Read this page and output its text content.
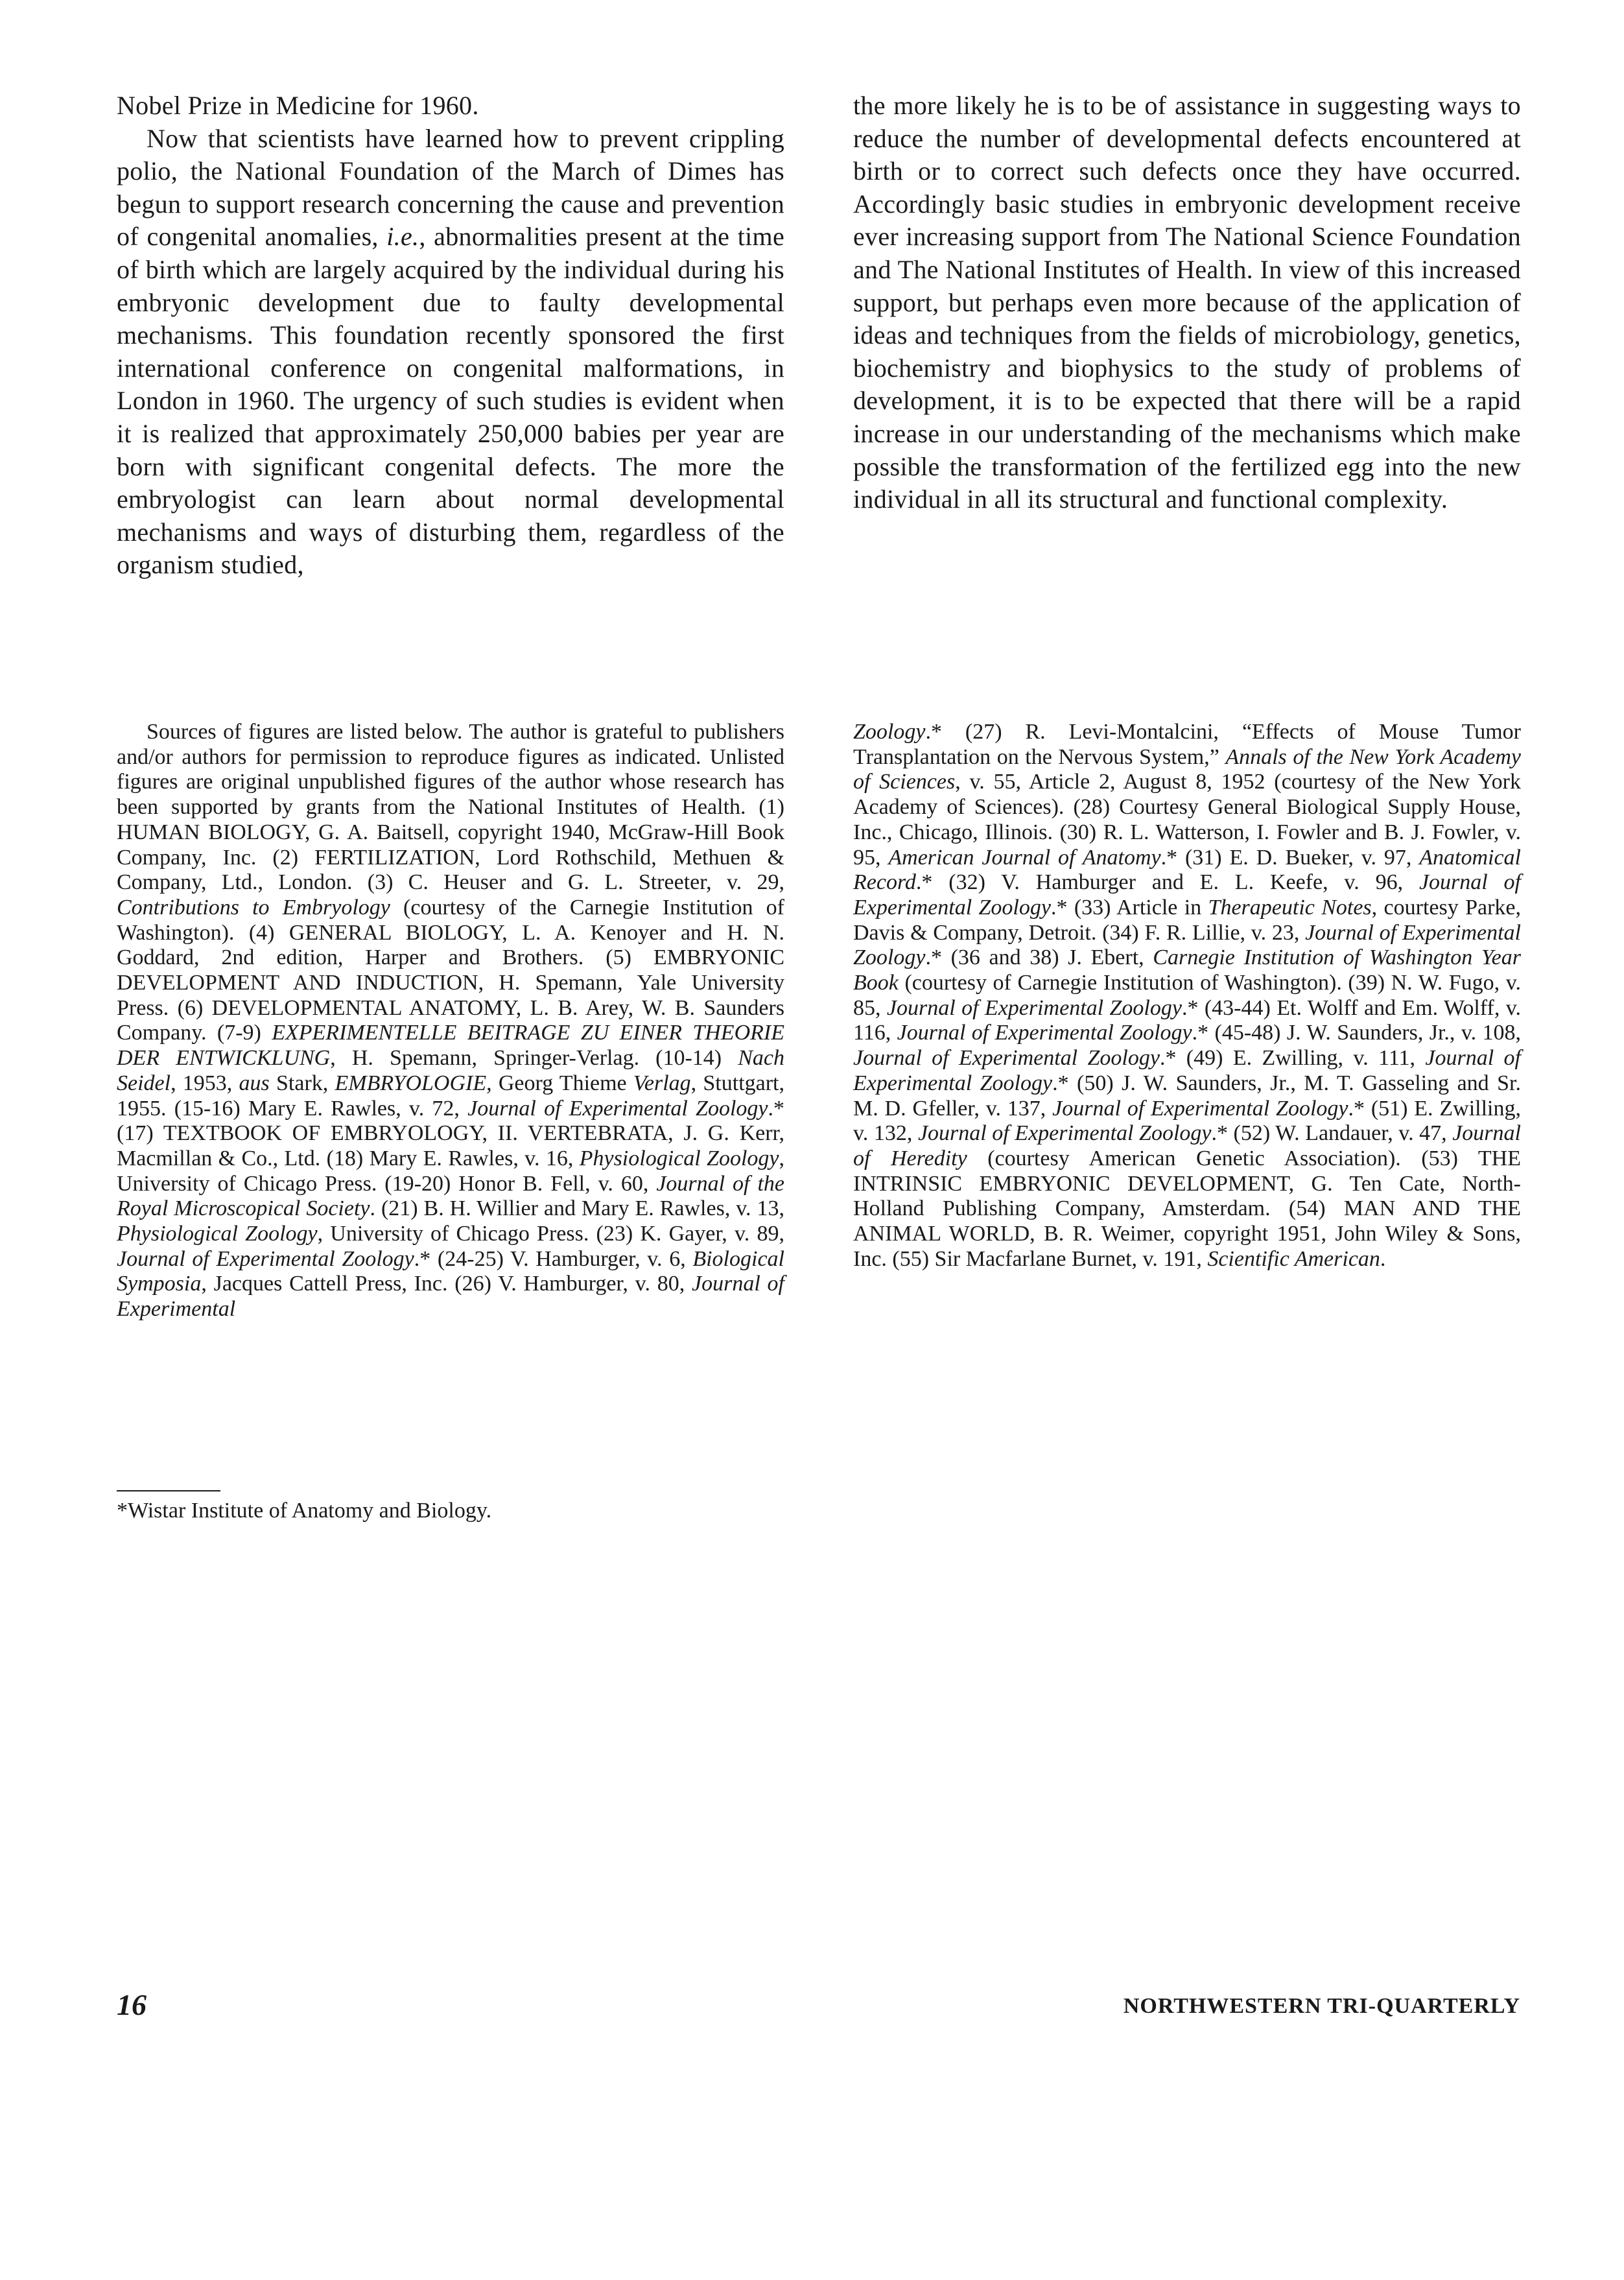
Nobel Prize in Medicine for 1960.

Now that scientists have learned how to prevent crippling polio, the National Foundation of the March of Dimes has begun to support research concerning the cause and prevention of congenital anomalies, i.e., abnormalities present at the time of birth which are largely acquired by the individual during his embryonic development due to faulty developmental mechanisms. This foundation recently sponsored the first international conference on congenital malformations, in London in 1960. The urgency of such studies is evident when it is realized that approximately 250,000 babies per year are born with significant congenital defects. The more the embryologist can learn about normal developmental mechanisms and ways of disturbing them, regardless of the organism studied,

the more likely he is to be of assistance in suggesting ways to reduce the number of developmental defects encountered at birth or to correct such defects once they have occurred. Accordingly basic studies in embryonic development receive ever increasing support from The National Science Foundation and The National Institutes of Health. In view of this increased support, but perhaps even more because of the application of ideas and techniques from the fields of microbiology, genetics, biochemistry and biophysics to the study of problems of development, it is to be expected that there will be a rapid increase in our understanding of the mechanisms which make possible the transformation of the fertilized egg into the new individual in all its structural and functional complexity.

Sources of figures are listed below. The author is grateful to publishers and/or authors for permission to reproduce figures as indicated. Unlisted figures are original unpublished figures of the author whose research has been supported by grants from the National Institutes of Health. (1) HUMAN BIOLOGY, G. A. Baitsell, copyright 1940, McGraw-Hill Book Company, Inc. (2) FERTILIZATION, Lord Rothschild, Methuen & Company, Ltd., London. (3) C. Heuser and G. L. Streeter, v. 29, Contributions to Embryology (courtesy of the Carnegie Institution of Washington). (4) GENERAL BIOLOGY, L. A. Kenoyer and H. N. Goddard, 2nd edition, Harper and Brothers. (5) EMBRYONIC DEVELOPMENT AND INDUCTION, H. Spemann, Yale University Press. (6) DEVELOPMENTAL ANATOMY, L. B. Arey, W. B. Saunders Company. (7-9) EXPERIMENTELLE BEITRAGE ZU EINER THEORIE DER ENTWICKLUNG, H. Spemann, Springer-Verlag. (10-14) Nach Seidel, 1953, aus Stark, EMBRYOLOGIE, Georg Thieme Verlag, Stuttgart, 1955. (15-16) Mary E. Rawles, v. 72, Journal of Experimental Zoology.* (17) TEXTBOOK OF EMBRYOLOGY, II. VERTEBRATA, J. G. Kerr, Macmillan & Co., Ltd. (18) Mary E. Rawles, v. 16, Physiological Zoology, University of Chicago Press. (19-20) Honor B. Fell, v. 60, Journal of the Royal Microscopical Society. (21) B. H. Willier and Mary E. Rawles, v. 13, Physiological Zoology, University of Chicago Press. (23) K. Gayer, v. 89, Journal of Experimental Zoology.* (24-25) V. Hamburger, v. 6, Biological Symposia, Jacques Cattell Press, Inc. (26) V. Hamburger, v. 80, Journal of Experimental

Zoology.* (27) R. Levi-Montalcini, “Effects of Mouse Tumor Transplantation on the Nervous System,” Annals of the New York Academy of Sciences, v. 55, Article 2, August 8, 1952 (courtesy of the New York Academy of Sciences). (28) Courtesy General Biological Supply House, Inc., Chicago, Illinois. (30) R. L. Watterson, I. Fowler and B. J. Fowler, v. 95, American Journal of Anatomy.* (31) E. D. Bueker, v. 97, Anatomical Record.* (32) V. Hamburger and E. L. Keefe, v. 96, Journal of Experimental Zoology.* (33) Article in Therapeutic Notes, courtesy Parke, Davis & Company, Detroit. (34) F. R. Lillie, v. 23, Journal of Experimental Zoology.* (36 and 38) J. Ebert, Carnegie Institution of Washington Year Book (courtesy of Carnegie Institution of Washington). (39) N. W. Fugo, v. 85, Journal of Experimental Zoology.* (43-44) Et. Wolff and Em. Wolff, v. 116, Journal of Experimental Zoology.* (45-48) J. W. Saunders, Jr., v. 108, Journal of Experimental Zoology.* (49) E. Zwilling, v. 111, Journal of Experimental Zoology.* (50) J. W. Saunders, Jr., M. T. Gasseling and Sr. M. D. Gfeller, v. 137, Journal of Experimental Zoology.* (51) E. Zwilling, v. 132, Journal of Experimental Zoology.* (52) W. Landauer, v. 47, Journal of Heredity (courtesy American Genetic Association). (53) THE INTRINSIC EMBRYONIC DEVELOPMENT, G. Ten Cate, North-Holland Publishing Company, Amsterdam. (54) MAN AND THE ANIMAL WORLD, B. R. Weimer, copyright 1951, John Wiley & Sons, Inc. (55) Sir Macfarlane Burnet, v. 191, Scientific American.

*Wistar Institute of Anatomy and Biology.
16	NORTHWESTERN TRI-QUARTERLY
